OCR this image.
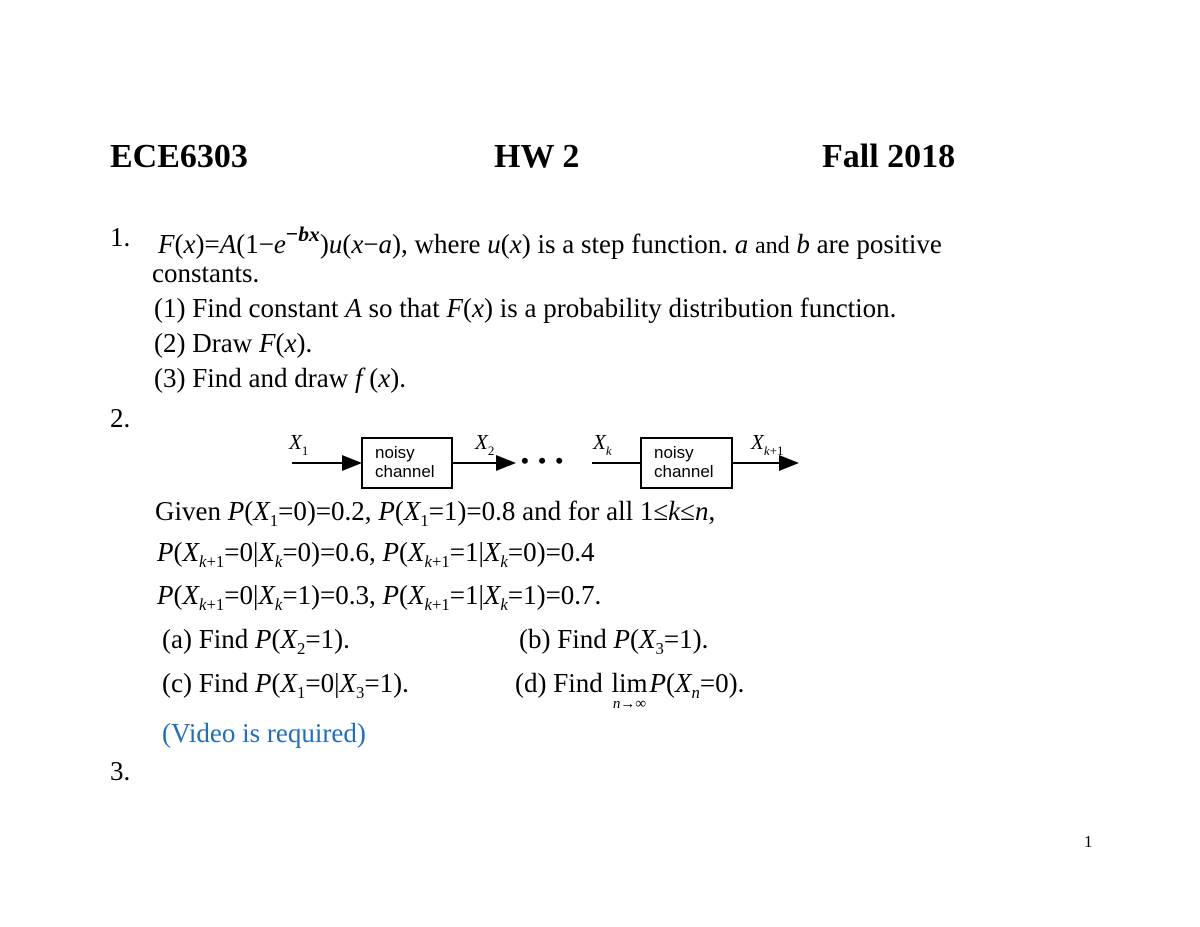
ECE6303	HW 2	Fall 2018
1. $F(x)=A(1-e^{-bx})u(x-a)$, where u(x) is a step function. a and b are positive
constants.
(1) Find constant A so that F(x) is a probability distribution function.
(2) Draw F(x).
(3) Find and draw f (x).
2.
$X_1$	$X_2$	$X_k$	$X_{k+1}$
noisy
channel
noisy
channel
• • •
Given $P(X_1=0)=0.2$, $P(X_1=1)=0.8$ and for all 1≤k≤n,
$P(X_{k+1}=0|X_k=0)=0.6$, $P(X_{k+1}=1|X_k=0)=0.4$
$P(X_{k+1}=0|X_k=1)=0.3$, $P(X_{k+1}=1|X_k=1)=0.7$.
(a) Find $P(X_2=1)$.	(b) Find $P(X_3=1)$.
(c) Find $P(X_1=0|X_3=1)$.	(d) Find lim
n→∞
$P(X_n=0)$.
(Video is required)
3.
1
